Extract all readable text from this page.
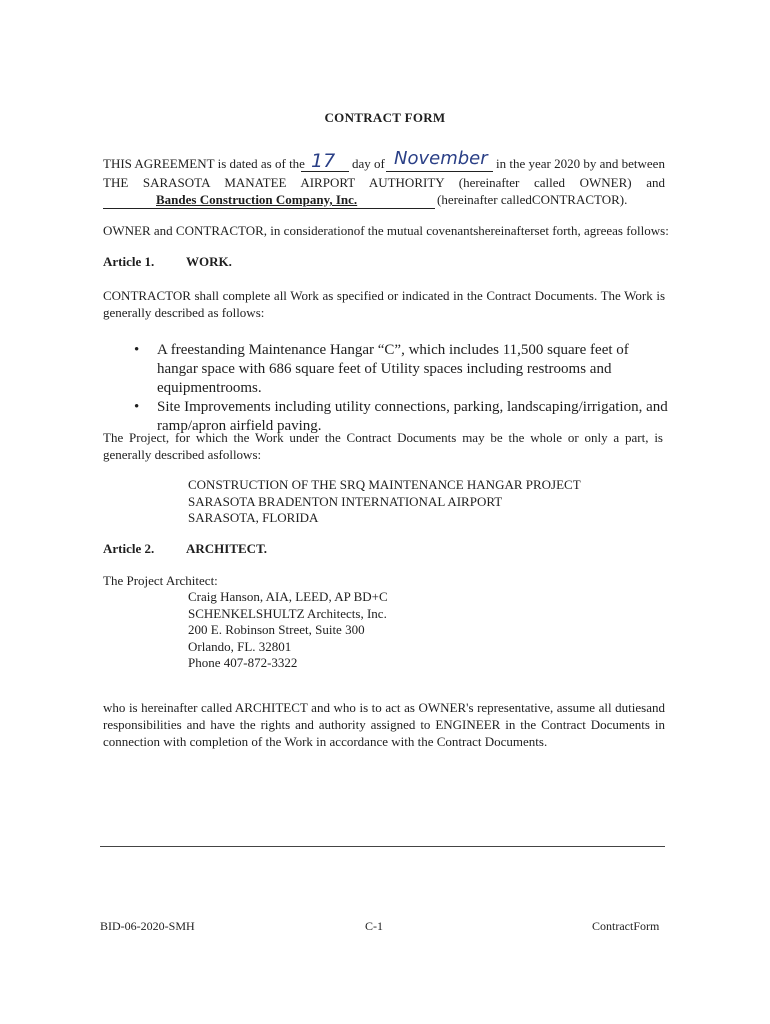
CONTRACT FORM
THIS AGREEMENT is dated as of the 17 day of November in the year 2020 by and between
THE SARASOTA MANATEE AIRPORT AUTHORITY (hereinafter called OWNER) and
Bandes Construction Company, Inc.	(hereinafter calledCONTRACTOR).
OWNER and CONTRACTOR, in considerationof the mutual covenantshereinafterset forth, agreeas follows:
Article 1. WORK.
CONTRACTOR shall complete all Work as specified or indicated in the Contract Documents. The Work is generally described as follows:
• A freestanding Maintenance Hangar “C”, which includes 11,500 square feet of hangar space with 686 square feet of Utility spaces including restrooms and equipmentrooms.
• Site Improvements including utility connections, parking, landscaping/irrigation, and ramp/apron airfield paving.
The Project, for which the Work under the Contract Documents may be the whole or only a part, is generally described asfollows:
CONSTRUCTION OF THE SRQ MAINTENANCE HANGAR PROJECT
SARASOTA BRADENTON INTERNATIONAL AIRPORT
SARASOTA, FLORIDA
Article 2. ARCHITECT.
The Project Architect:
Craig Hanson, AIA, LEED, AP BD+C
SCHENKELSHULTZ Architects, Inc.
200 E. Robinson Street, Suite 300
Orlando, FL. 32801
Phone 407-872-3322
who is hereinafter called ARCHITECT and who is to act as OWNER's representative, assume all dutiesand responsibilities and have the rights and authority assigned to ENGINEER in the Contract Documents in connection with completion of the Work in accordance with the Contract Documents.
BID-06-2020-SMH	C-1	ContractForm
